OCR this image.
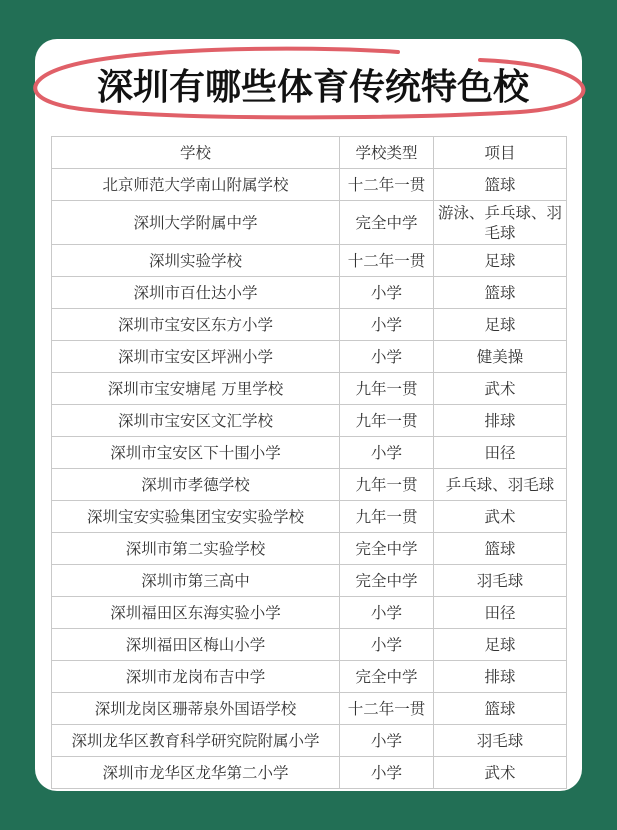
深圳有哪些体育传统特色校
学校	学校类型	项目
北京师范大学南山附属学校	十二年一贯	篮球
深圳大学附属中学	完全中学	游泳、乒乓球、羽毛球
深圳实验学校	十二年一贯	足球
深圳市百仕达小学	小学	篮球
深圳市宝安区东方小学	小学	足球
深圳市宝安区坪洲小学	小学	健美操
深圳市宝安塘尾 万里学校	九年一贯	武术
深圳市宝安区文汇学校	九年一贯	排球
深圳市宝安区下十围小学	小学	田径
深圳市孝德学校	九年一贯	乒乓球、羽毛球
深圳宝安实验集团宝安实验学校	九年一贯	武术
深圳市第二实验学校	完全中学	篮球
深圳市第三高中	完全中学	羽毛球
深圳福田区东海实验小学	小学	田径
深圳福田区梅山小学	小学	足球
深圳市龙岗布吉中学	完全中学	排球
深圳龙岗区珊蒂泉外国语学校	十二年一贯	篮球
深圳龙华区教育科学研究院附属小学	小学	羽毛球
深圳市龙华区龙华第二小学	小学	武术
